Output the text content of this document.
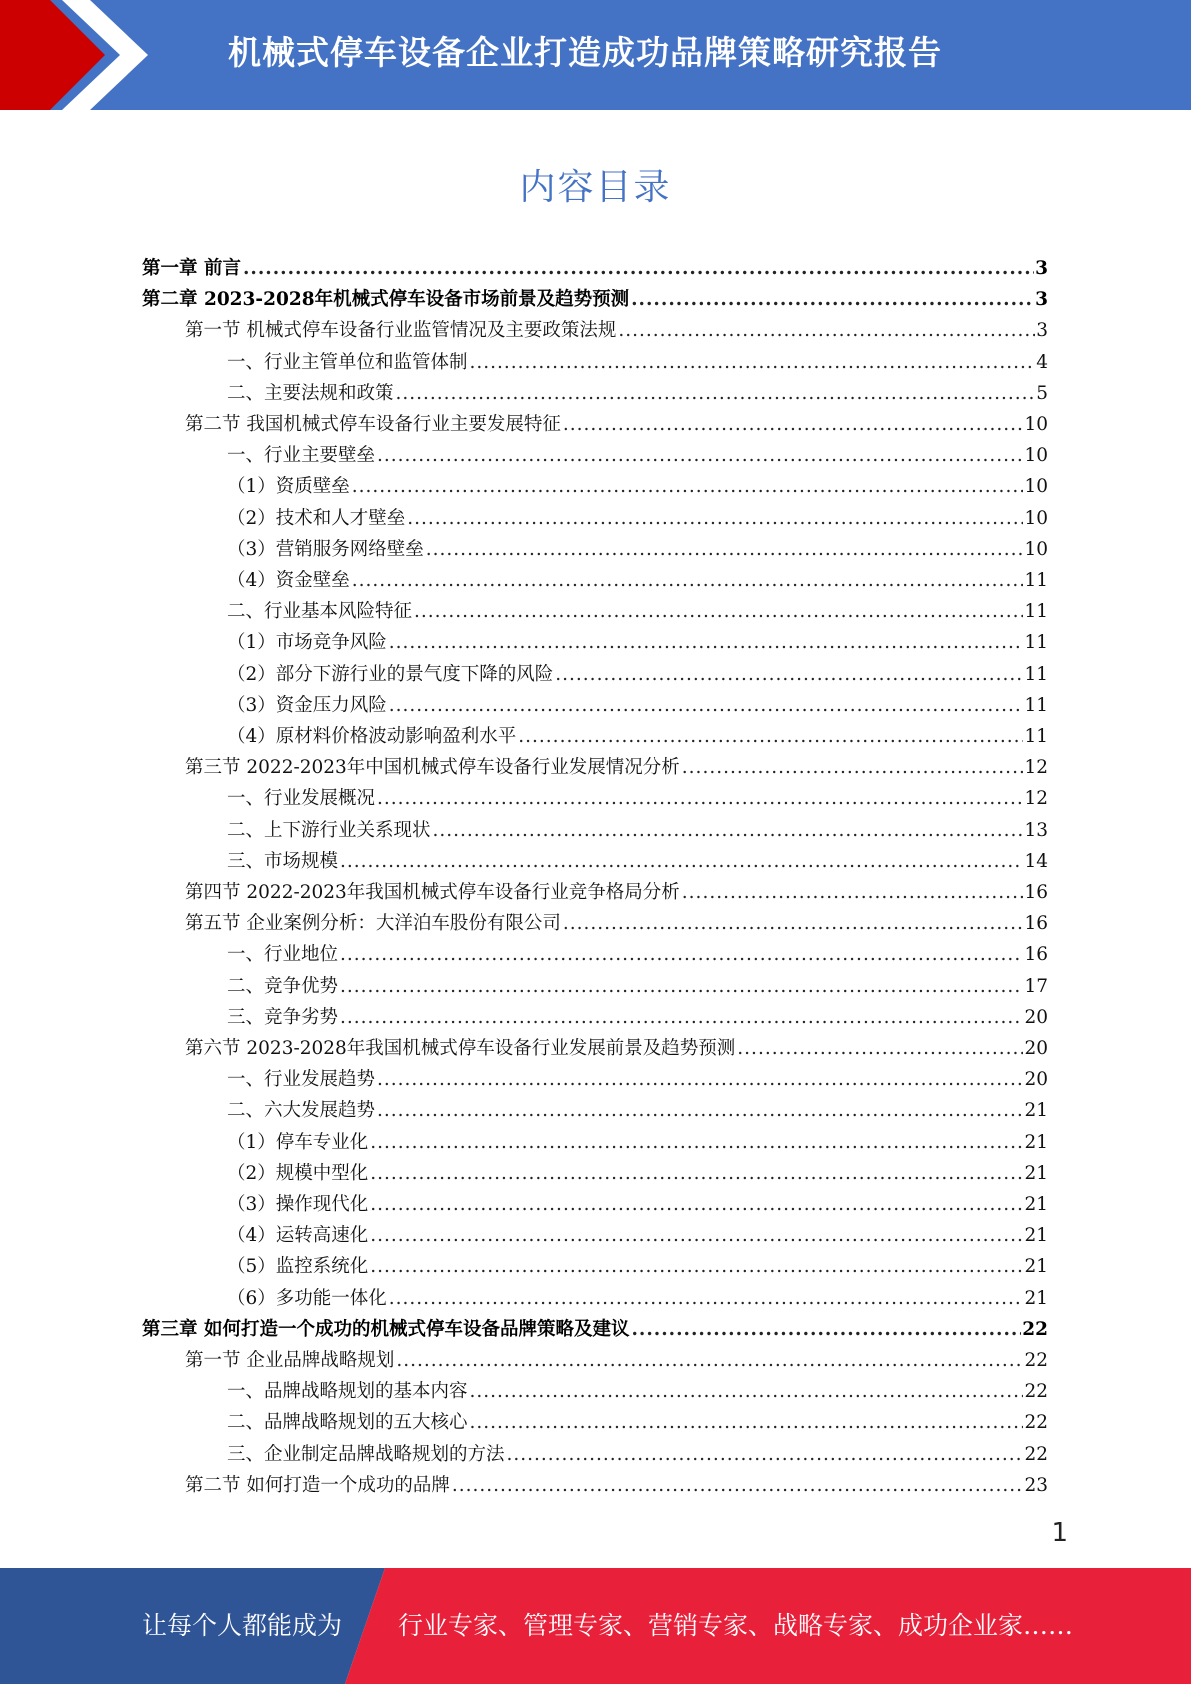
机械式停车设备企业打造成功品牌策略研究报告
内容目录
第一章 前言 .....	3
第二章 2023-2028年机械式停车设备市场前景及趋势预测 .....	3
第一节 机械式停车设备行业监管情况及主要政策法规 .....	3
一、行业主管单位和监管体制 .....	4
二、主要法规和政策 .....	5
第二节 我国机械式停车设备行业主要发展特征 .....	10
一、行业主要壁垒 .....	10
（1）资质壁垒 .....	10
（2）技术和人才壁垒 .....	10
（3）营销服务网络壁垒 .....	10
（4）资金壁垒 .....	11
二、行业基本风险特征 .....	11
（1）市场竞争风险 .....	11
（2）部分下游行业的景气度下降的风险 .....	11
（3）资金压力风险 .....	11
（4）原材料价格波动影响盈利水平 .....	11
第三节 2022-2023年中国机械式停车设备行业发展情况分析 .....	12
一、行业发展概况 .....	12
二、上下游行业关系现状 .....	13
三、市场规模 .....	14
第四节 2022-2023年我国机械式停车设备行业竞争格局分析 .....	16
第五节 企业案例分析：大洋泊车股份有限公司 .....	16
一、行业地位 .....	16
二、竞争优势 .....	17
三、竞争劣势 .....	20
第六节 2023-2028年我国机械式停车设备行业发展前景及趋势预测 .....	20
一、行业发展趋势 .....	20
二、六大发展趋势 .....	21
（1）停车专业化 .....	21
（2）规模中型化 .....	21
（3）操作现代化 .....	21
（4）运转高速化 .....	21
（5）监控系统化 .....	21
（6）多功能一体化 .....	21
第三章 如何打造一个成功的机械式停车设备品牌策略及建议 .....	22
第一节 企业品牌战略规划 .....	22
一、品牌战略规划的基本内容 .....	22
二、品牌战略规划的五大核心 .....	22
三、企业制定品牌战略规划的方法 .....	22
第二节 如何打造一个成功的品牌 .....	23
1
让每个人都能成为 行业专家、管理专家、营销专家、战略专家、成功企业家……
